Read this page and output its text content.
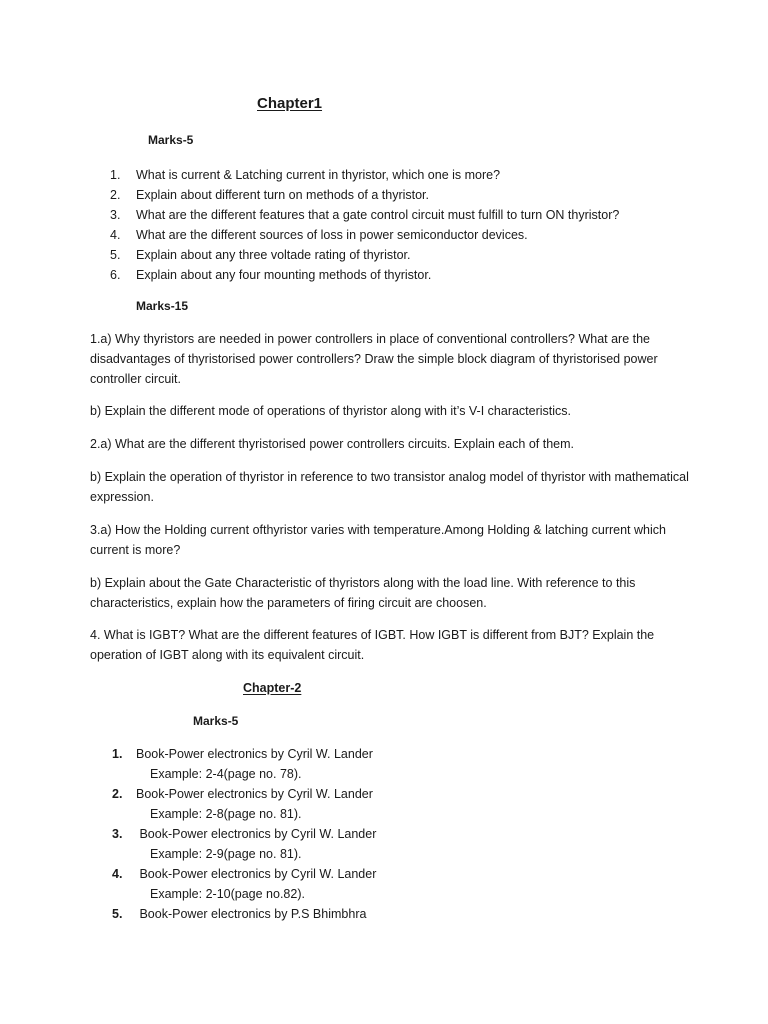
Chapter1
Marks-5
1. What is current & Latching current in thyristor, which one is more?
2. Explain about different turn on methods of a thyristor.
3. What are the different features that a gate control circuit must fulfill to turn ON thyristor?
4. What are the different sources of loss in power semiconductor devices.
5. Explain about any three voltade rating of thyristor.
6. Explain about any four mounting methods of thyristor.
Marks-15

1.a) Why thyristors are needed in power controllers in place of conventional controllers? What are the disadvantages of thyristorised power controllers? Draw the simple block diagram of thyristorised power controller circuit.

b) Explain the different mode of operations of thyristor along with it’s V-I characteristics.

2.a) What are the different thyristorised power controllers circuits. Explain each of them.

b) Explain the operation of thyristor in reference to two transistor analog model of thyristor with mathematical expression.

3.a) How the Holding current ofthyristor varies with temperature.Among Holding & latching current which current is more?

b) Explain about the Gate Characteristic of thyristors along with the load line. With reference to this characteristics, explain how the parameters of firing circuit are choosen.

4. What is IGBT? What are the different features of IGBT. How IGBT is different from BJT? Explain the operation of IGBT along with its equivalent circuit.

Chapter-2
Marks-5
1. Book-Power electronics by Cyril W. Lander
Example: 2-4(page no. 78).
2. Book-Power electronics by Cyril W. Lander
Example: 2-8(page no. 81).
3. Book-Power electronics by Cyril W. Lander
Example: 2-9(page no. 81).
4. Book-Power electronics by Cyril W. Lander
Example: 2-10(page no.82).
5. Book-Power electronics by P.S Bhimbhra
